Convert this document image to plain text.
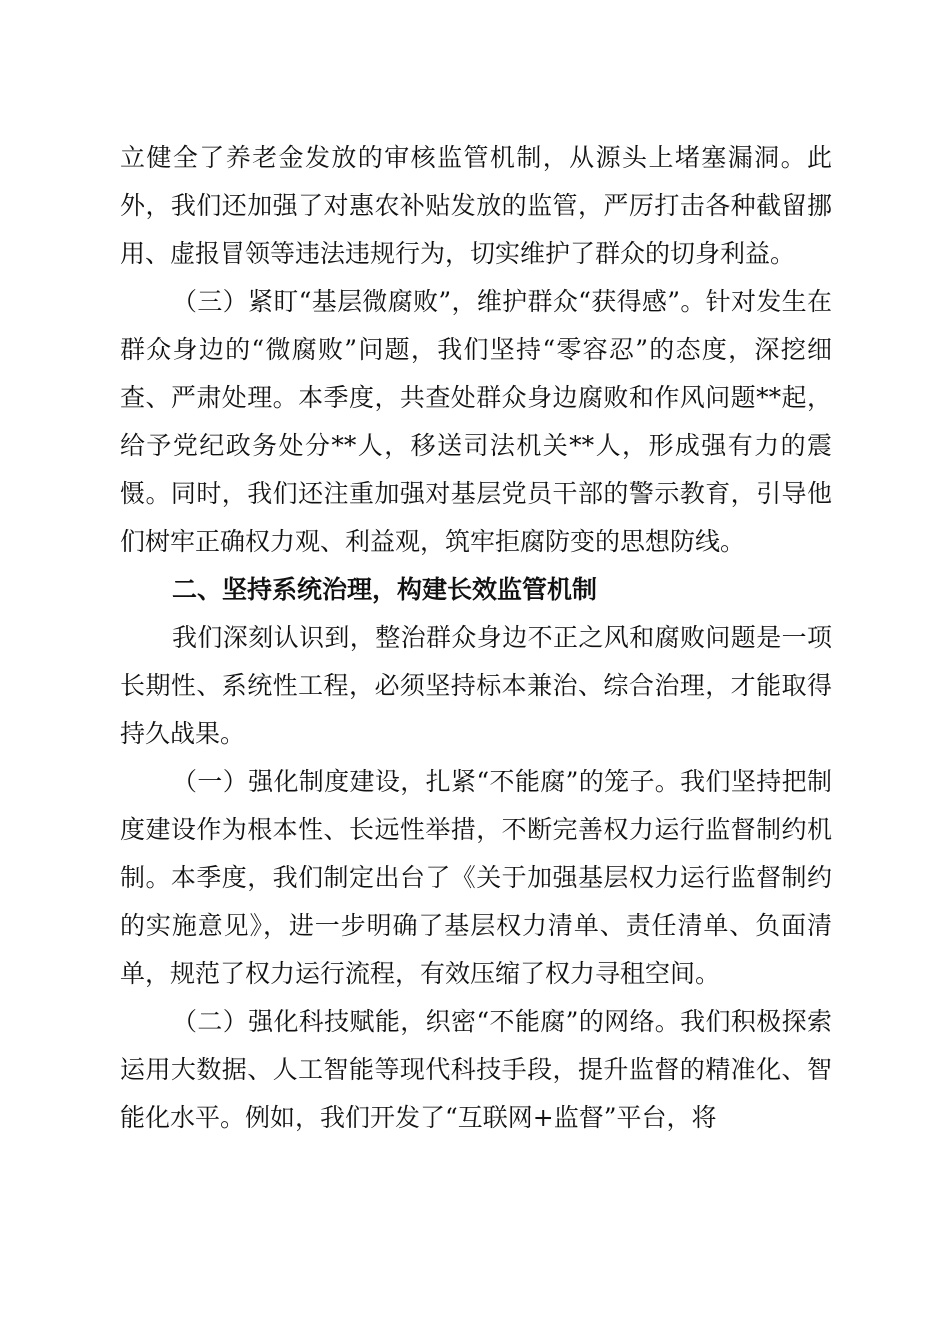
立健全了养老金发放的审核监管机制，从源头上堵塞漏洞。此外，我们还加强了对惠农补贴发放的监管，严厉打击各种截留挪用、虚报冒领等违法违规行为，切实维护了群众的切身利益。

（三）紧盯“基层微腐败”，维护群众“获得感”。针对发生在群众身边的“微腐败”问题，我们坚持“零容忍”的态度，深挖细查、严肃处理。本季度，共查处群众身边腐败和作风问题**起，给予党纪政务处分**人，移送司法机关**人，形成强有力的震慑。同时，我们还注重加强对基层党员干部的警示教育，引导他们树牢正确权力观、利益观，筑牢拒腐防变的思想防线。

二、坚持系统治理，构建长效监管机制

我们深刻认识到，整治群众身边不正之风和腐败问题是一项长期性、系统性工程，必须坚持标本兼治、综合治理，才能取得持久战果。

（一）强化制度建设，扎紧“不能腐”的笼子。我们坚持把制度建设作为根本性、长远性举措，不断完善权力运行监督制约机制。本季度，我们制定出台了《关于加强基层权力运行监督制约的实施意见》，进一步明确了基层权力清单、责任清单、负面清单，规范了权力运行流程，有效压缩了权力寻租空间。

（二）强化科技赋能，织密“不能腐”的网络。我们积极探索运用大数据、人工智能等现代科技手段，提升监督的精准化、智能化水平。例如，我们开发了“互联网+监督”平台，将
